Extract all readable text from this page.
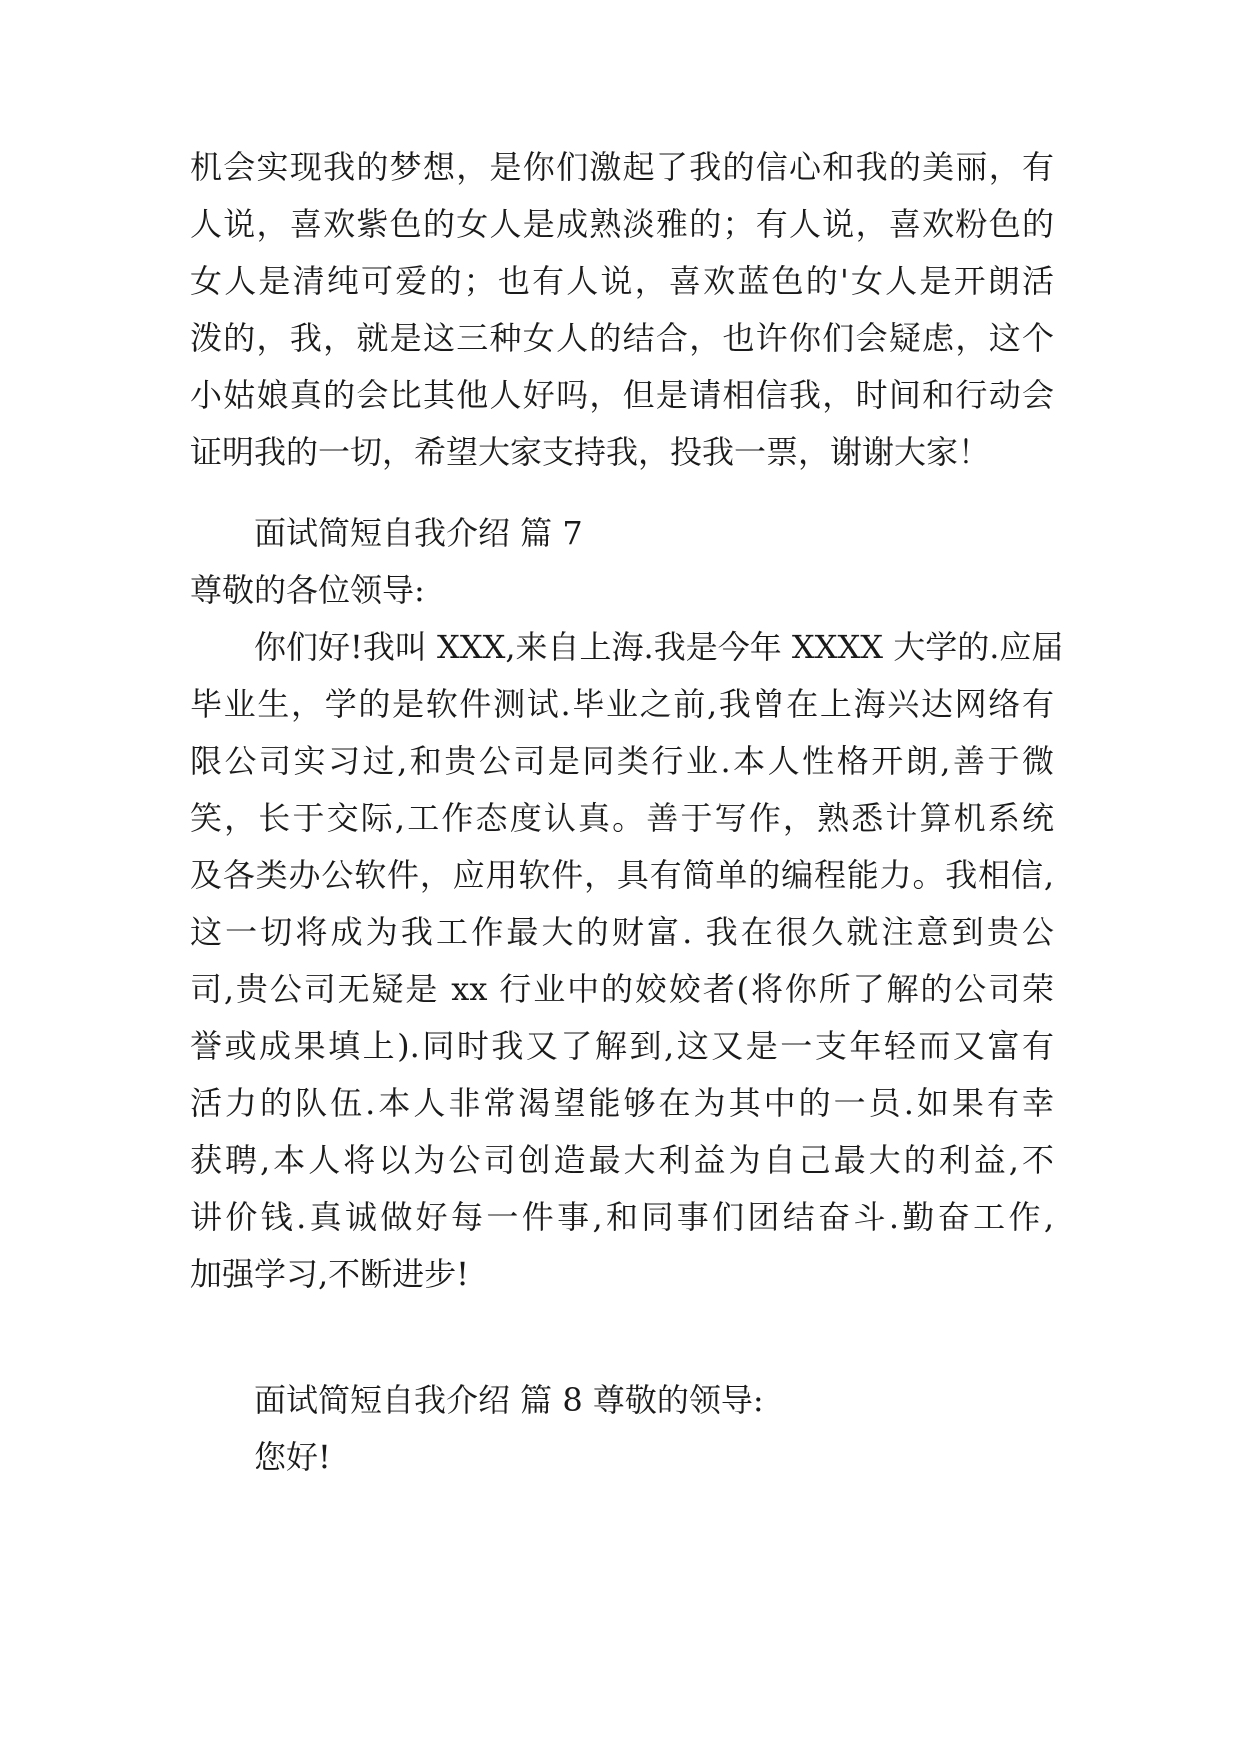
机会实现我的梦想，是你们激起了我的信心和我的美丽，有
人说，喜欢紫色的女人是成熟淡雅的；有人说，喜欢粉色的
女人是清纯可爱的；也有人说，喜欢蓝色的'女人是开朗活
泼的，我，就是这三种女人的结合，也许你们会疑虑，这个
小姑娘真的会比其他人好吗，但是请相信我，时间和行动会
证明我的一切，希望大家支持我，投我一票，谢谢大家！
面试简短自我介绍 篇 7
尊敬的各位领导:
你们好!我叫 XXX,来自上海.我是今年 XXXX 大学的.应届
毕业生，学的是软件测试.毕业之前,我曾在上海兴达网络有
限公司实习过,和贵公司是同类行业.本人性格开朗,善于微
笑，长于交际,工作态度认真。善于写作，熟悉计算机系统
及各类办公软件，应用软件，具有简单的编程能力。我相信,
这一切将成为我工作最大的财富. 我在很久就注意到贵公
司,贵公司无疑是 xx 行业中的姣姣者(将你所了解的公司荣
誉或成果填上).同时我又了解到,这又是一支年轻而又富有
活力的队伍.本人非常渴望能够在为其中的一员.如果有幸
获聘,本人将以为公司创造最大利益为自己最大的利益,不
讲价钱.真诚做好每一件事,和同事们团结奋斗.勤奋工作,
加强学习,不断进步!
面试简短自我介绍 篇 8 尊敬的领导:
您好!
